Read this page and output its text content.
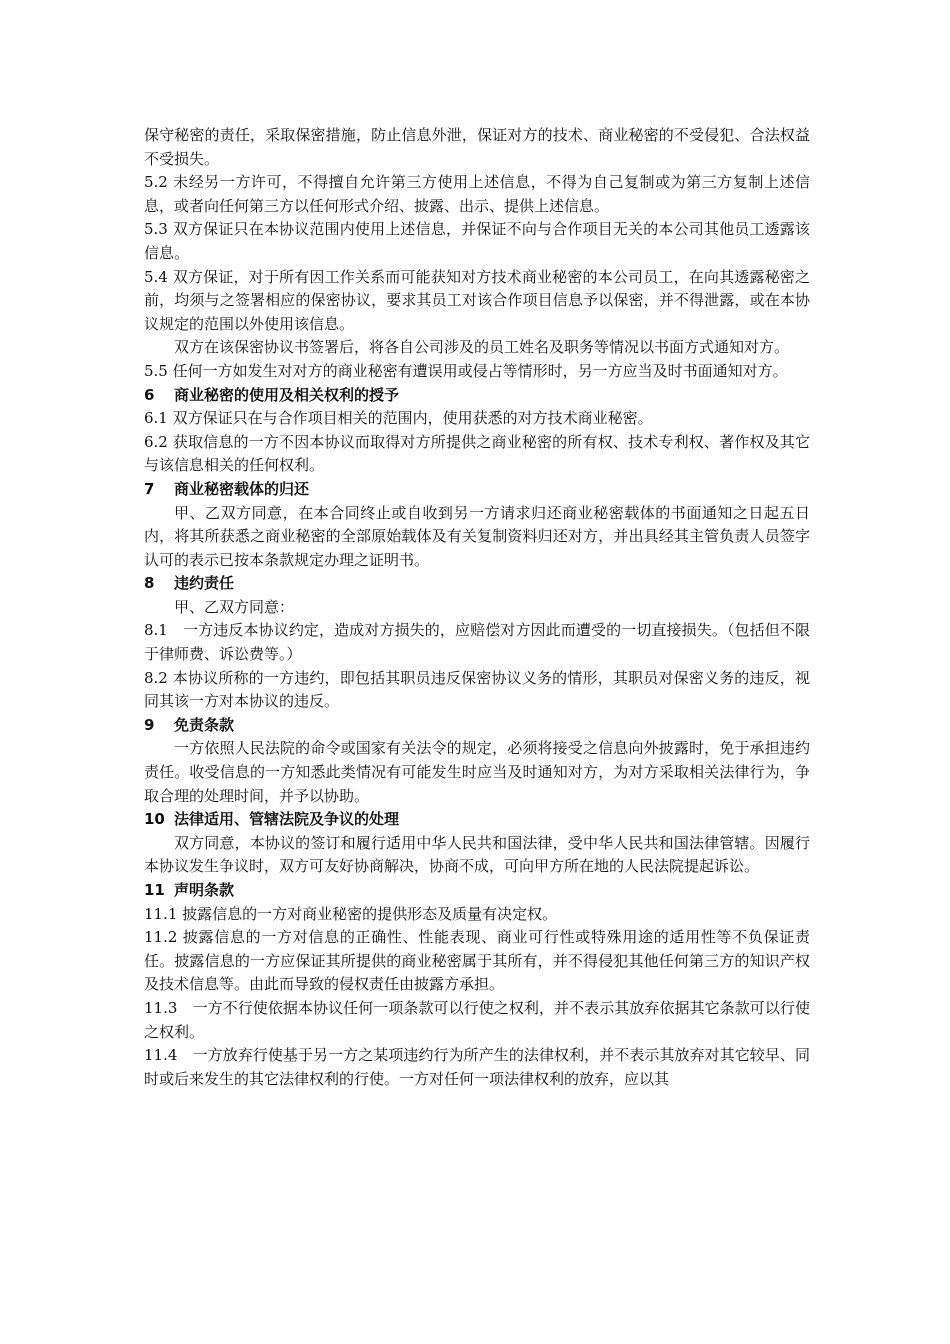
保守秘密的责任，采取保密措施，防止信息外泄，保证对方的技术、商业秘密的不受侵犯、合法权益不受损失。

5.2 未经另一方许可，不得擅自允许第三方使用上述信息，不得为自己复制或为第三方复制上述信息，或者向任何第三方以任何形式介绍、披露、出示、提供上述信息。

5.3 双方保证只在本协议范围内使用上述信息，并保证不向与合作项目无关的本公司其他员工透露该信息。

5.4 双方保证，对于所有因工作关系而可能获知对方技术商业秘密的本公司员工，在向其透露秘密之前，均须与之签署相应的保密协议，要求其员工对该合作项目信息予以保密，并不得泄露，或在本协议规定的范围以外使用该信息。

双方在该保密协议书签署后，将各自公司涉及的员工姓名及职务等情况以书面方式通知对方。

5.5 任何一方如发生对对方的商业秘密有遭误用或侵占等情形时，另一方应当及时书面通知对方。

6 商业秘密的使用及相关权利的授予

6.1 双方保证只在与合作项目相关的范围内，使用获悉的对方技术商业秘密。

6.2 获取信息的一方不因本协议而取得对方所提供之商业秘密的所有权、技术专利权、著作权及其它与该信息相关的任何权利。

7 商业秘密载体的归还

甲、乙双方同意，在本合同终止或自收到另一方请求归还商业秘密载体的书面通知之日起五日内，将其所获悉之商业秘密的全部原始载体及有关复制资料归还对方，并出具经其主管负责人员签字认可的表示已按本条款规定办理之证明书。

8 违约责任

甲、乙双方同意：

8.1　一方违反本协议约定，造成对方损失的，应赔偿对方因此而遭受的一切直接损失。（包括但不限于律师费、诉讼费等。）

8.2 本协议所称的一方违约，即包括其职员违反保密协议义务的情形，其职员对保密义务的违反，视同其该一方对本协议的违反。

9 免责条款

一方依照人民法院的命令或国家有关法令的规定，必须将接受之信息向外披露时，免于承担违约责任。收受信息的一方知悉此类情况有可能发生时应当及时通知对方，为对方采取相关法律行为，争取合理的处理时间，并予以协助。

10 法律适用、管辖法院及争议的处理

双方同意，本协议的签订和履行适用中华人民共和国法律，受中华人民共和国法律管辖。因履行本协议发生争议时，双方可友好协商解决，协商不成，可向甲方所在地的人民法院提起诉讼。

11 声明条款

11.1 披露信息的一方对商业秘密的提供形态及质量有决定权。

11.2 披露信息的一方对信息的正确性、性能表现、商业可行性或特殊用途的适用性等不负保证责任。披露信息的一方应保证其所提供的商业秘密属于其所有，并不得侵犯其他任何第三方的知识产权及技术信息等。由此而导致的侵权责任由披露方承担。

11.3　一方不行使依据本协议任何一项条款可以行使之权利，并不表示其放弃依据其它条款可以行使之权利。

11.4　一方放弃行使基于另一方之某项违约行为所产生的法律权利，并不表示其放弃对其它较早、同时或后来发生的其它法律权利的行使。一方对任何一项法律权利的放弃，应以其
